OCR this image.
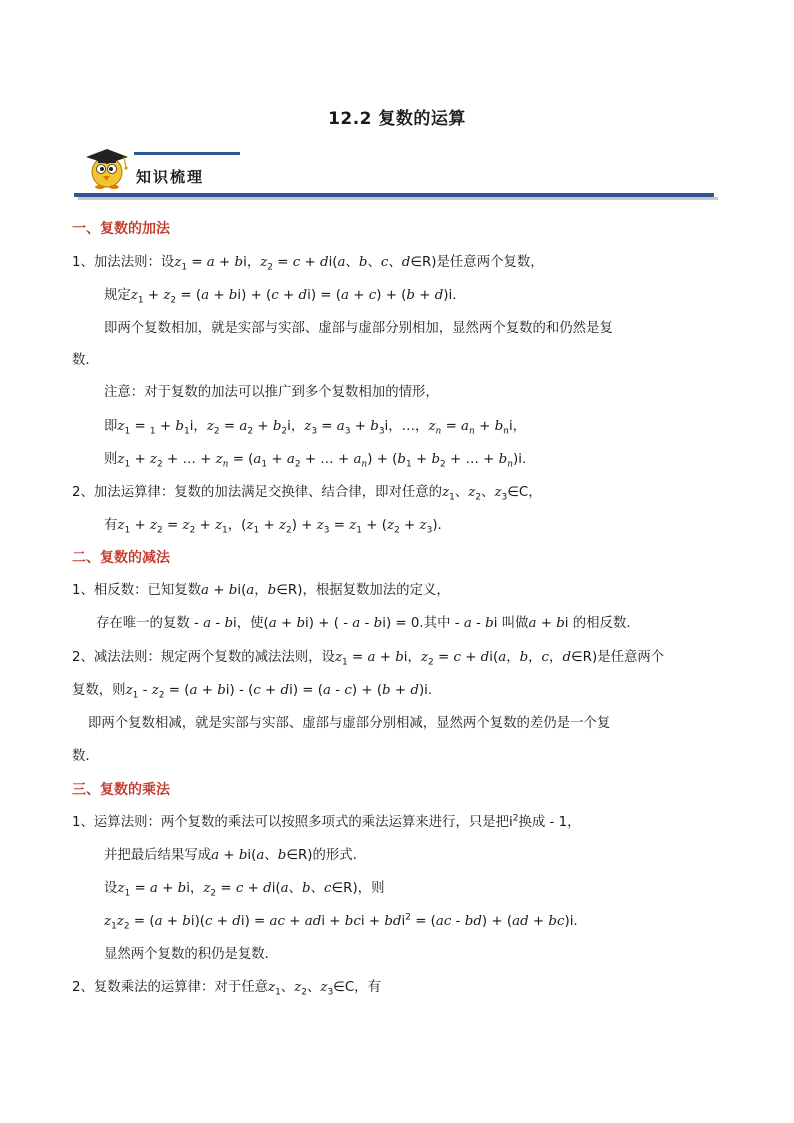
12.2 复数的运算
知识梳理
一、复数的加法
1、加法法则：设$z_1 = a$ + bi，$z_2 = c + di(a$、b、c、d∈R)是任意两个复数，
规定$z_1 + z_2 = (a + bi) + (c + di) = (a + c) + (b + d)i$.
即两个复数相加，就是实部与实部、虚部与虚部分别相加，显然两个复数的和仍然是复
数．
注意：对于复数的加法可以推广到多个复数相加的情形，
即$z_1 = _1 + b_1i$，$z_2 = a_2 + b_2i$，$z_3 = a_3 + b_3i$，…，$z_n = a_n + b_ni$，
则$z_1 + z_2$ + … + $z_n = (a_1 + a_2$ + … + $a_n) + (b_1 + b_2$ + … + $b_n)i$.
2、加法运算律：复数的加法满足交换律、结合律，即对任意的$z_1$、$z_2$、$z_3\in C$，
有$z_1 + z_2 = z_2 + z_1$，$(z_1 + z_2) + z_3 = z_1 + (z_2 + z_3)$．
二、复数的减法
1、相反数：已知复数a + bi(a，b∈R)，根据复数加法的定义，
存在唯一的复数 - a - bi，使(a + bi) + ( - a - bi) = 0.其中 - a - bi 叫做a + bi 的相反数．
2、减法法则：规定两个复数的减法法则，设$z_1 = a$ + bi，$z_2 = c + di(a$，b，c，d∈R)是任意两个
复数，则$z_1 - z_2 = (a + bi) - (c + di) = (a - c) + (b + d)i$.
即两个复数相减，就是实部与实部、虚部与虚部分别相减，显然两个复数的差仍是一个复
数．
三、复数的乘法
1、运算法则：两个复数的乘法可以按照多项式的乘法运算来进行，只是把$i^2$换成 - 1，
并把最后结果写成a + bi(a、b∈R)的形式．
设$z_1 = a$ + bi，$z_2 = c + di(a$、b、c∈R)，则
$z_1z_2 = (a + bi)(c + di)$ = ac + adi + bci + bdi$^2$ = (ac - bd) + (ad + bc)i.
显然两个复数的积仍是复数．
2、复数乘法的运算律：对于任意$z_1$、$z_2$、$z_3\in C$，有
